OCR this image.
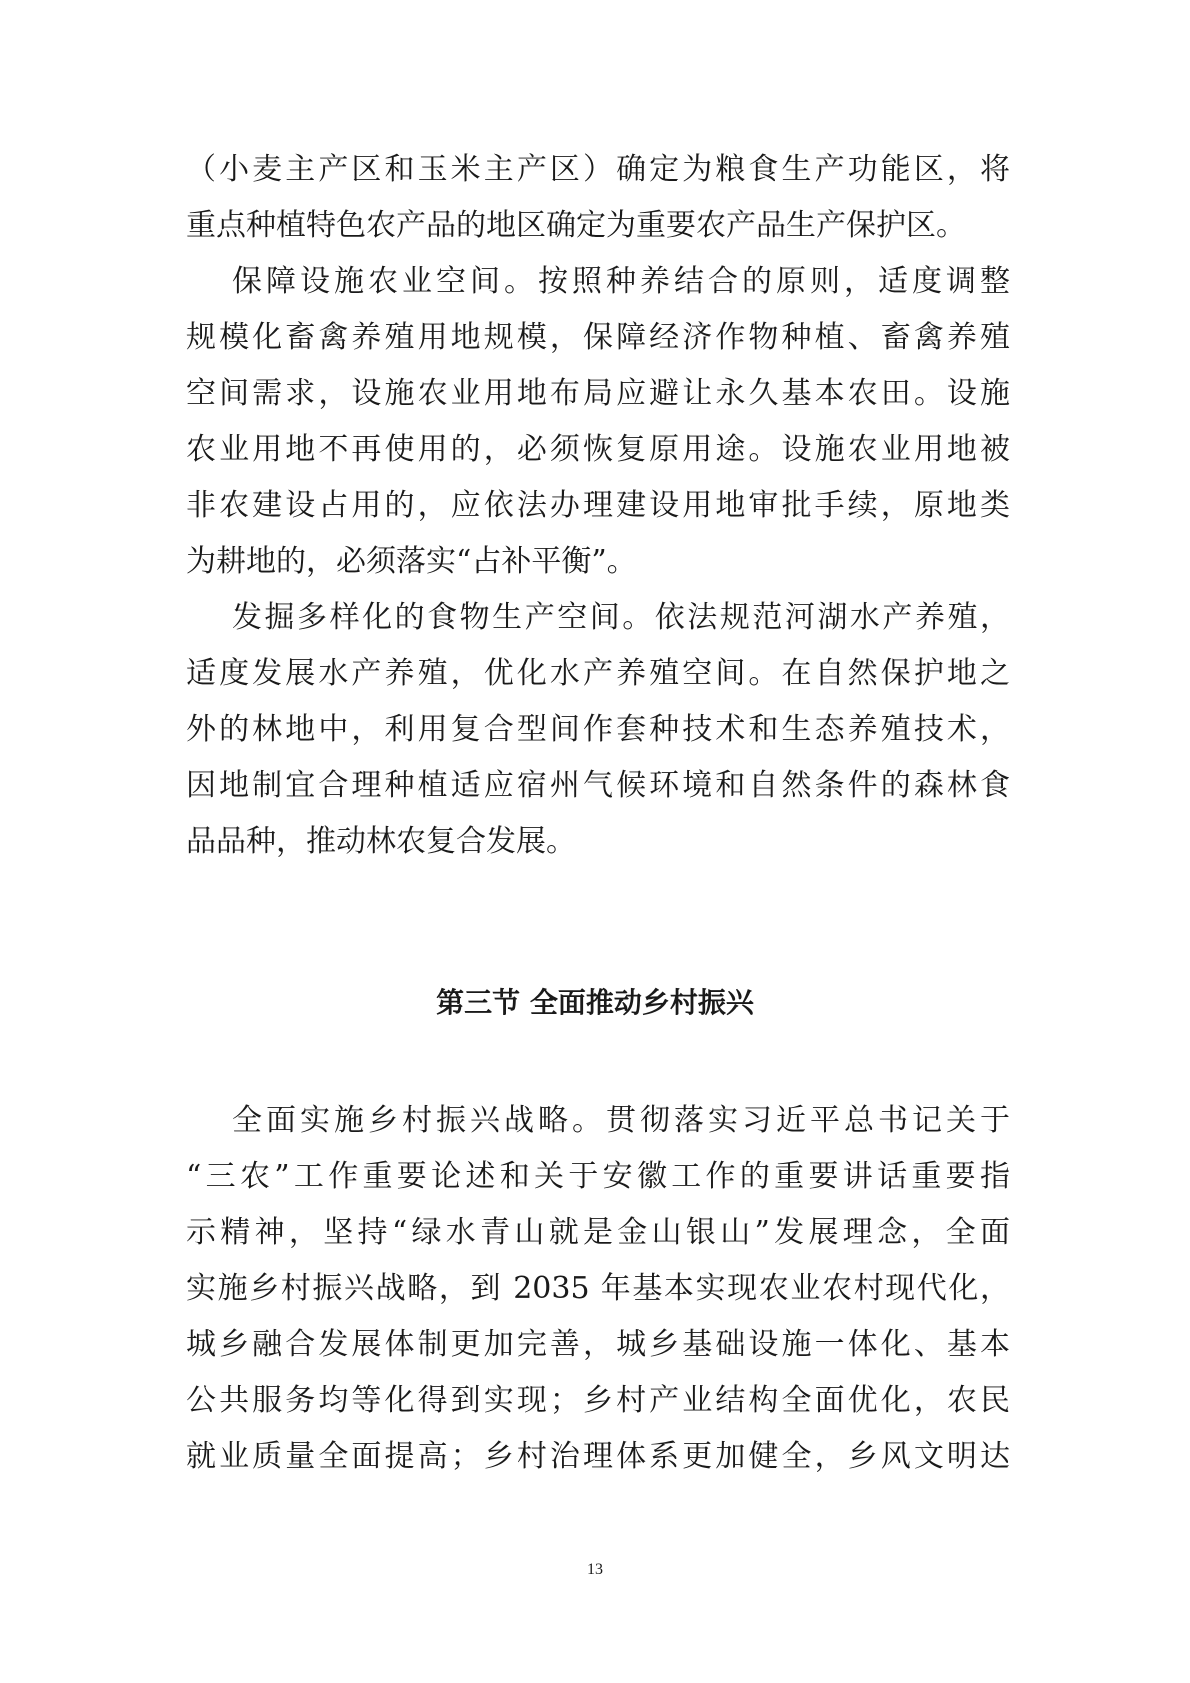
（小麦主产区和玉米主产区）确定为粮食生产功能区，将
重点种植特色农产品的地区确定为重要农产品生产保护区。
保障设施农业空间。按照种养结合的原则，适度调整
规模化畜禽养殖用地规模，保障经济作物种植、畜禽养殖
空间需求，设施农业用地布局应避让永久基本农田。设施
农业用地不再使用的，必须恢复原用途。设施农业用地被
非农建设占用的，应依法办理建设用地审批手续，原地类
为耕地的，必须落实“占补平衡”。
发掘多样化的食物生产空间。依法规范河湖水产养殖，
适度发展水产养殖，优化水产养殖空间。在自然保护地之
外的林地中，利用复合型间作套种技术和生态养殖技术，
因地制宜合理种植适应宿州气候环境和自然条件的森林食
品品种，推动林农复合发展。
第三节 全面推动乡村振兴
全面实施乡村振兴战略。贯彻落实习近平总书记关于
“三农”工作重要论述和关于安徽工作的重要讲话重要指
示精神，坚持“绿水青山就是金山银山”发展理念，全面
实施乡村振兴战略，到 2035 年基本实现农业农村现代化，
城乡融合发展体制更加完善，城乡基础设施一体化、基本
公共服务均等化得到实现；乡村产业结构全面优化，农民
就业质量全面提高；乡村治理体系更加健全，乡风文明达
13
